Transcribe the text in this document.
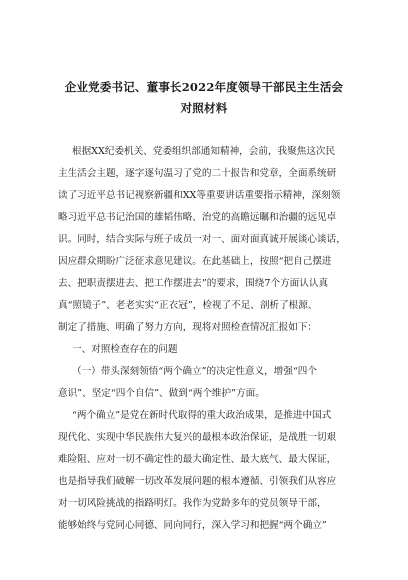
企业党委书记、董事长2022年度领导干部民主生活会
对照材料
根据XX纪委机关、党委组织部通知精神，会前，我聚焦这次民
主生活会主题，逐字逐句温习了党的二十报告和党章，全面系统研
读了习近平总书记视察新疆和XX等重要讲话重要指示精神，深刻领
略习近平总书记治国的雄韬伟略、治党的高瞻远瞩和治疆的远见卓
识。同时，结合实际与班子成员一对一、面对面真诚开展谈心谈话，
因应群众期盼广泛征求意见建议。在此基础上，按照“把自己摆进
去、把职责摆进去、把工作摆进去”的要求，围绕7个方面认认真
真“照镜子”、老老实实“正衣冠”，检视了不足、剖析了根源、
制定了措施、明确了努力方向，现将对照检查情况汇报如下：
一、对照检查存在的问题
（一）带头深刻领悟“两个确立”的决定性意义，增强“四个
意识”、坚定“四个自信”、做到“两个维护”方面。
“两个确立”是党在新时代取得的重大政治成果，是推进中国式
现代化、实现中华民族伟大复兴的最根本政治保证，是战胜一切艰
难险阻、应对一切不确定性的最大确定性、最大底气、最大保证，
也是指导我们破解一切改革发展问题的根本遵循、引领我们从容应
对一切风险挑战的指路明灯。我作为党龄多年的党员领导干部，
能够始终与党同心同德、同向同行，深入学习和把握“两个确立”
